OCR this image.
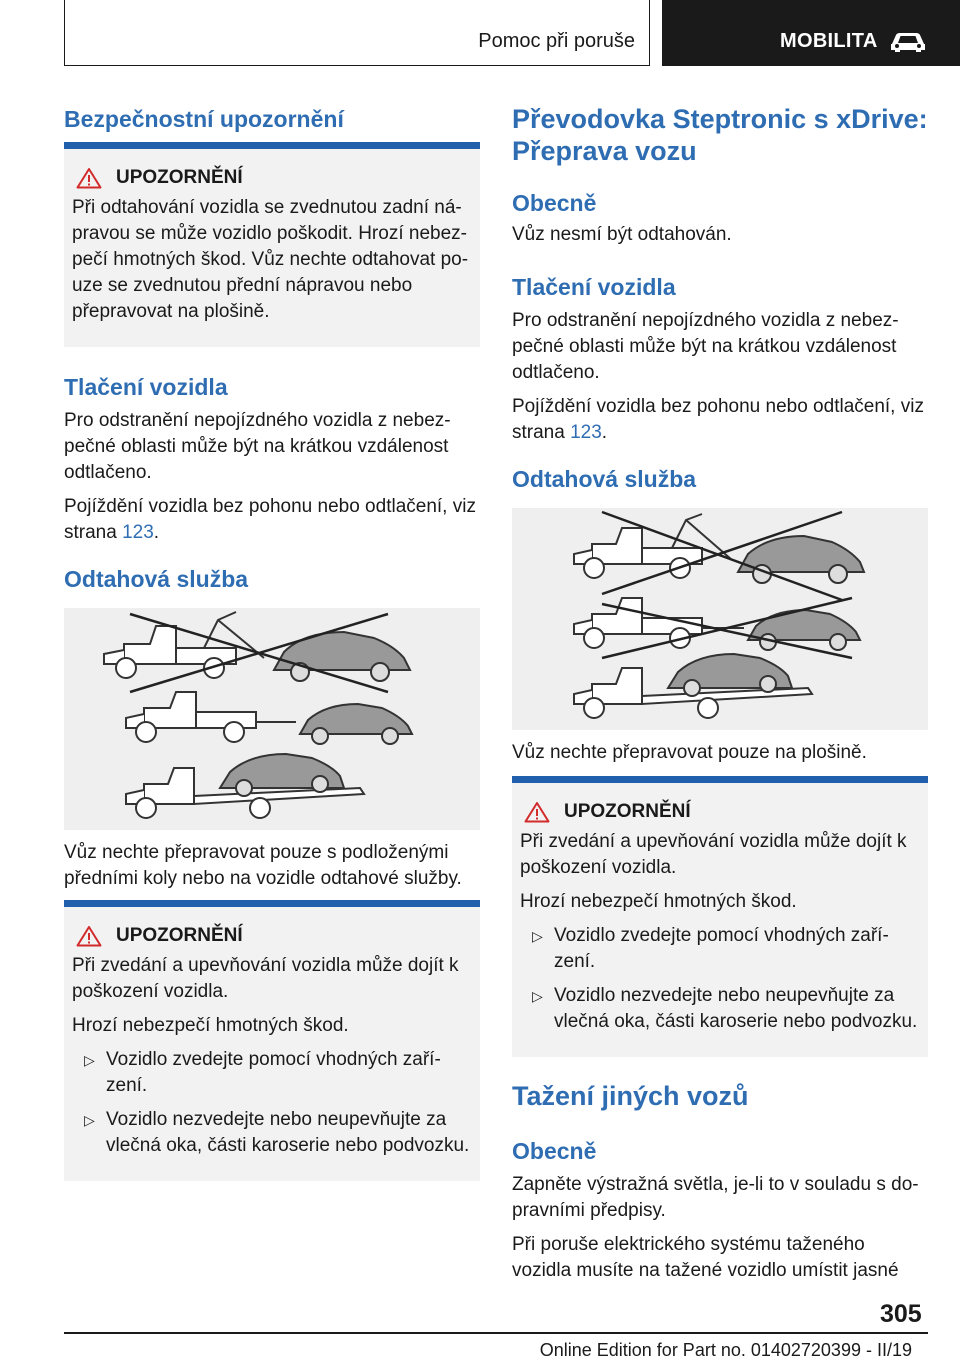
Pomoc při poruše	MOBILITA
Bezpečnostní upozornění
UPOZORNĚNÍ
Při odtahování vozidla se zvednutou zadní ná-pravou se může vozidlo poškodit. Hrozí nebez-pečí hmotných škod. Vůz nechte odtahovat po-uze se zvednutou přední nápravou nebo přepravovat na plošině.
Tlačení vozidla

Pro odstranění nepojízdného vozidla z nebez-pečné oblasti může být na krátkou vzdálenost odtlačeno.

Pojíždění vozidla bez pohonu nebo odtlačení, viz strana 123.

Odtahová služba
Vůz nechte přepravovat pouze s podloženými předními koly nebo na vozidle odtahové služby.
UPOZORNĚNÍ

Při zvedání a upevňování vozidla může dojít k poškození vozidla.

Hrozí nebezpečí hmotných škod.

▷ Vozidlo zvedejte pomocí vhodných zaří-zení.
▷ Vozidlo nezvedejte nebo neupevňujte za vlečná oka, části karoserie nebo podvozku.
Převodovka Steptronic s xDrive: Přeprava vozu
Obecně
Vůz nesmí být odtahován.
Tlačení vozidla

Pro odstranění nepojízdného vozidla z nebez-pečné oblasti může být na krátkou vzdálenost odtlačeno.

Pojíždění vozidla bez pohonu nebo odtlačení, viz strana 123.

Odtahová služba
Vůz nechte přepravovat pouze na plošině.
UPOZORNĚNÍ

Při zvedání a upevňování vozidla může dojít k poškození vozidla.

Hrozí nebezpečí hmotných škod.

▷ Vozidlo zvedejte pomocí vhodných zaří-zení.
▷ Vozidlo nezvedejte nebo neupevňujte za vlečná oka, části karoserie nebo podvozku.
Tažení jiných vozů
Obecně

Zapněte výstražná světla, je-li to v souladu s do-pravními předpisy.

Při poruše elektrického systému taženého vozidla musíte na tažené vozidlo umístit jasné

305
Online Edition for Part no. 01402720399 - II/19
